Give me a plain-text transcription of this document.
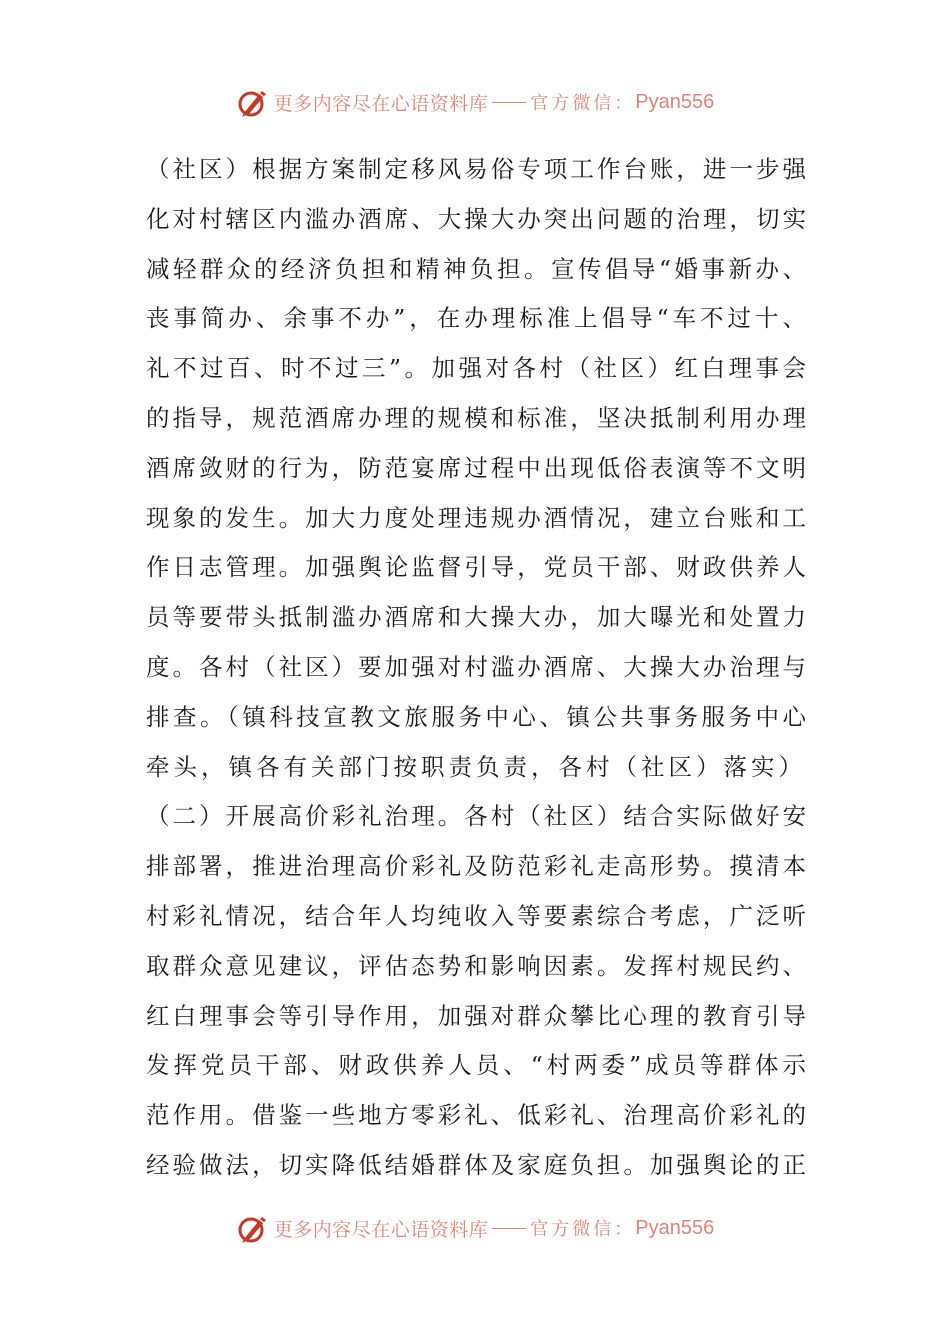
更多内容尽在心语资料库 官方微信： Pyan556
（社区）根据方案制定移风易俗专项工作台账，进一步强
化对村辖区内滥办酒席、大操大办突出问题的治理，切实
减轻群众的经济负担和精神负担。宣传倡导“婚事新办、
丧事简办、余事不办”，在办理标准上倡导“车不过十、
礼不过百、时不过三”。加强对各村（社区）红白理事会
的指导，规范酒席办理的规模和标准，坚决抵制利用办理
酒席敛财的行为，防范宴席过程中出现低俗表演等不文明
现象的发生。加大力度处理违规办酒情况，建立台账和工
作日志管理。加强舆论监督引导，党员干部、财政供养人
员等要带头抵制滥办酒席和大操大办，加大曝光和处置力
度。各村（社区）要加强对村滥办酒席、大操大办治理与
排查。（镇科技宣教文旅服务中心、镇公共事务服务中心
牵头，镇各有关部门按职责负责，各村（社区）落实）
（二）开展高价彩礼治理。各村（社区）结合实际做好安
排部署，推进治理高价彩礼及防范彩礼走高形势。摸清本
村彩礼情况，结合年人均纯收入等要素综合考虑，广泛听
取群众意见建议，评估态势和影响因素。发挥村规民约、
红白理事会等引导作用，加强对群众攀比心理的教育引导
发挥党员干部、财政供养人员、“村两委”成员等群体示
范作用。借鉴一些地方零彩礼、低彩礼、治理高价彩礼的
经验做法，切实降低结婚群体及家庭负担。加强舆论的正
更多内容尽在心语资料库 官方微信： Pyan556
